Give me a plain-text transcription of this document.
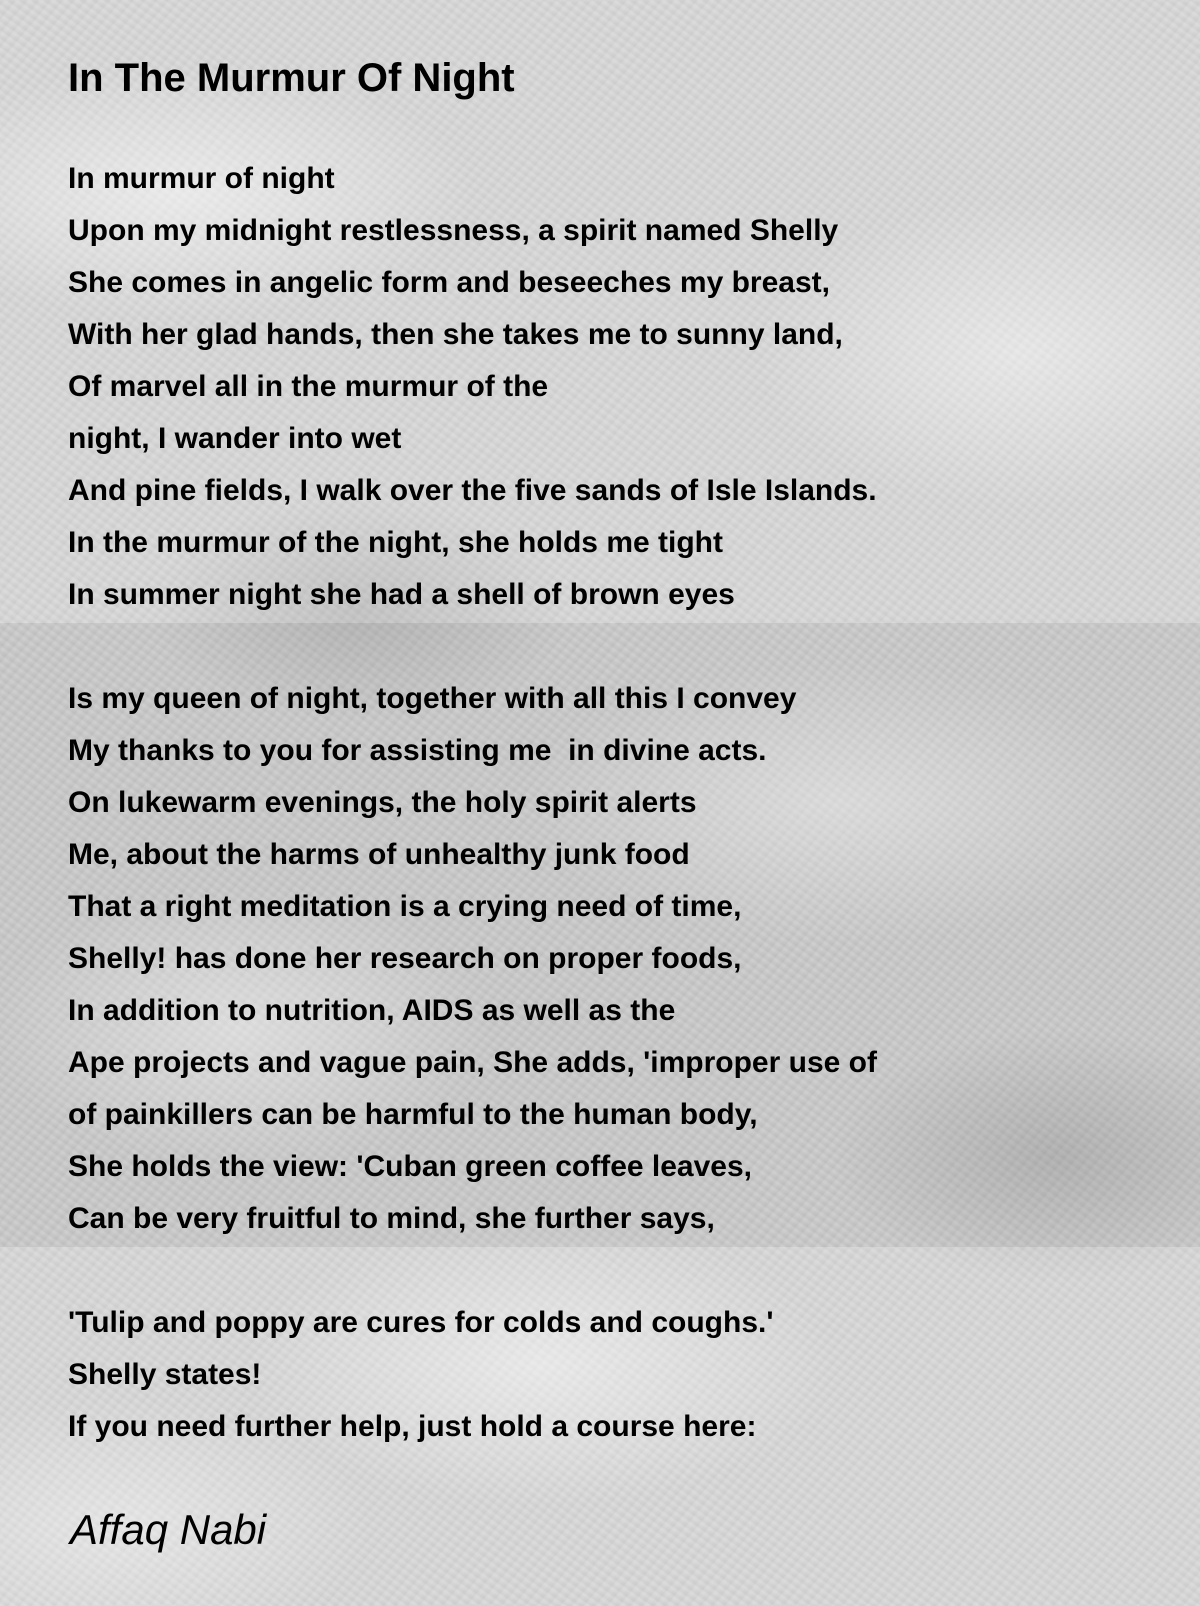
In The Murmur Of Night
In murmur of night
Upon my midnight restlessness, a spirit named Shelly
She comes in angelic form and beseeches my breast,
With her glad hands, then she takes me to sunny land,
Of marvel all in the murmur of the
night, I wander into wet
And pine fields, I walk over the five sands of Isle Islands.
In the murmur of the night, she holds me tight
In summer night she had a shell of brown eyes
Is my queen of night, together with all this I convey
My thanks to you for assisting me  in divine acts.
On lukewarm evenings, the holy spirit alerts
Me, about the harms of unhealthy junk food
That a right meditation is a crying need of time,
Shelly! has done her research on proper foods,
In addition to nutrition, AIDS as well as the
Ape projects and vague pain, She adds, 'improper use of
of painkillers can be harmful to the human body,
She holds the view: 'Cuban green coffee leaves,
Can be very fruitful to mind, she further says,
'Tulip and poppy are cures for colds and coughs.'
Shelly states!
If you need further help, just hold a course here:
Affaq Nabi
